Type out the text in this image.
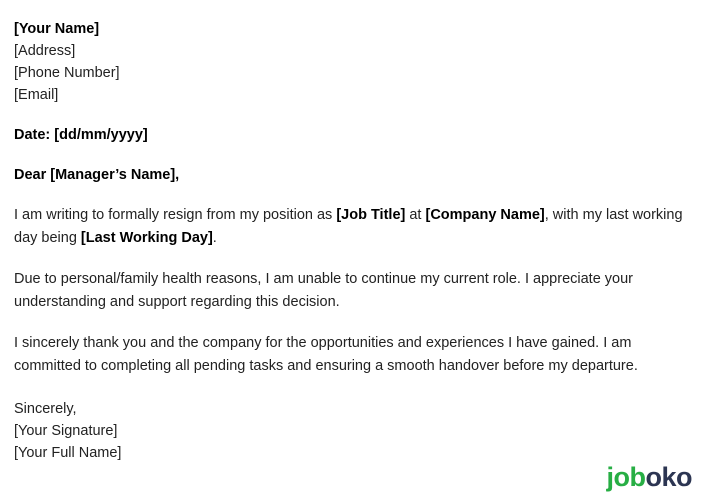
[Your Name]
[Address]
[Phone Number]
[Email]
Date: [dd/mm/yyyy]
Dear [Manager’s Name],
I am writing to formally resign from my position as [Job Title] at [Company Name], with my last working day being [Last Working Day].
Due to personal/family health reasons, I am unable to continue my current role. I appreciate your understanding and support regarding this decision.
I sincerely thank you and the company for the opportunities and experiences I have gained. I am committed to completing all pending tasks and ensuring a smooth handover before my departure.
Sincerely,
[Your Signature]
[Your Full Name]
j ob oko
